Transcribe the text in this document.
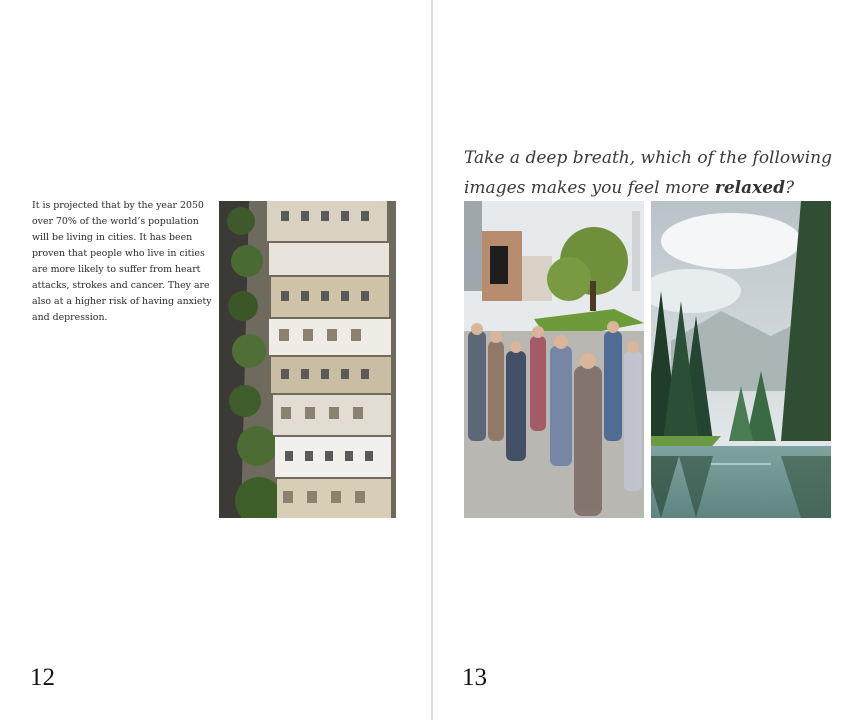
It is projected that by the year 2050 over 70% of the world’s population will be living in cities. It has been proven that people who live in cities are more likely to suffer from heart attacks, strokes and cancer. They are also at a higher risk of having anxiety and depression.

12

Take a deep breath, which of the following images makes you feel more relaxed?

13
